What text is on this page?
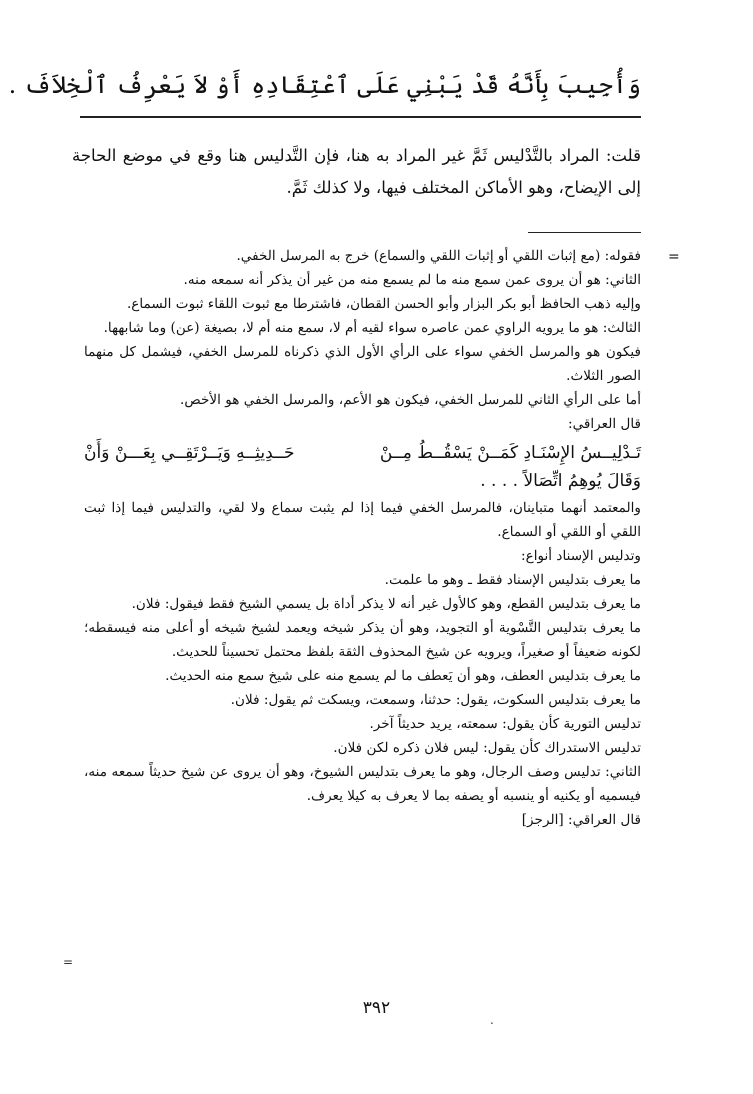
وَأُجِيبَ بِأَنَّهُ قَدْ يَبْنِي عَلَى ٱعْتِقَادِهِ أَوْ لاَ يَعْرِفُ ٱلْخِلاَفَ .

قلت: المراد بالتَّدْليس ثَمَّ غير المراد به هنا، فإن التَّدليس هنا وقع في موضع الحاجة إلى الإيضاح، وهو الأماكن المختلف فيها، ولا كذلك ثَمَّ.

=

فقوله: (مع إثبات اللقي أو إثبات اللقي والسماع) خرج به المرسل الخفي.

الثاني: هو أن يروى عمن سمع منه ما لم يسمع منه من غير أن يذكر أنه سمعه منه.

وإليه ذهب الحافظ أبو بكر البزار وأبو الحسن القطان، فاشترطا مع ثبوت اللقاء ثبوت السماع.

الثالث: هو ما يرويه الراوي عمن عاصره سواء لقيه أم لا، سمع منه أم لا، بصيغة (عن) وما شابهها.

فيكون هو والمرسل الخفي سواء على الرأي الأول الذي ذكرناه للمرسل الخفي، فيشمل كل منهما الصور الثلاث.

أما على الرأي الثاني للمرسل الخفي، فيكون هو الأعم، والمرسل الخفي هو الأخص.

قال العراقي:

تَـدْلِيــسُ الإِسْنَـادِ كَمَــنْ يَسْقُــطُ مِــنْ
حَــدِيثِــهِ وَيَــرْتَقِــي بِعَـــنْ وَأَنْ
وَقَالَ يُوهِمُ اتِّصَالاً . . . .

والمعتمد أنهما متباينان، فالمرسل الخفي فيما إذا لم يثبت سماع ولا لقي، والتدليس فيما إذا ثبت اللقي أو اللقي أو السماع.

وتدليس الإسناد أنواع:

ما يعرف بتدليس الإسناد فقط ـ وهو ما علمت.

ما يعرف بتدليس القطع، وهو كالأول غير أنه لا يذكر أداة بل يسمي الشيخ فقط فيقول: فلان.

ما يعرف بتدليس التَّسْوية أو التجويد، وهو أن يذكر شيخه ويعمد لشيخ شيخه أو أعلى منه فيسقطه؛ لكونه ضعيفاً أو صغيراً، ويرويه عن شيخ المحذوف الثقة بلفظ محتمل تحسيناً للحديث.

ما يعرف بتدليس العطف، وهو أن يَعطف ما لم يسمع منه على شيخ سمع منه الحديث.

ما يعرف بتدليس السكوت، يقول: حدثنا، وسمعت، ويسكت ثم يقول: فلان.

تدليس التورية كأن يقول: سمعته، يريد حديثاً آخر.

تدليس الاستدراك كأن يقول: ليس فلان ذكره لكن فلان.

الثاني: تدليس وصف الرجال، وهو ما يعرف بتدليس الشيوخ، وهو أن يروى عن شيخ حديثاً سمعه منه، فيسميه أو يكنيه أو ينسبه أو يصفه بما لا يعرف به كيلا يعرف.

قال العراقي: [الرجز]

=
.
٣٩٢
